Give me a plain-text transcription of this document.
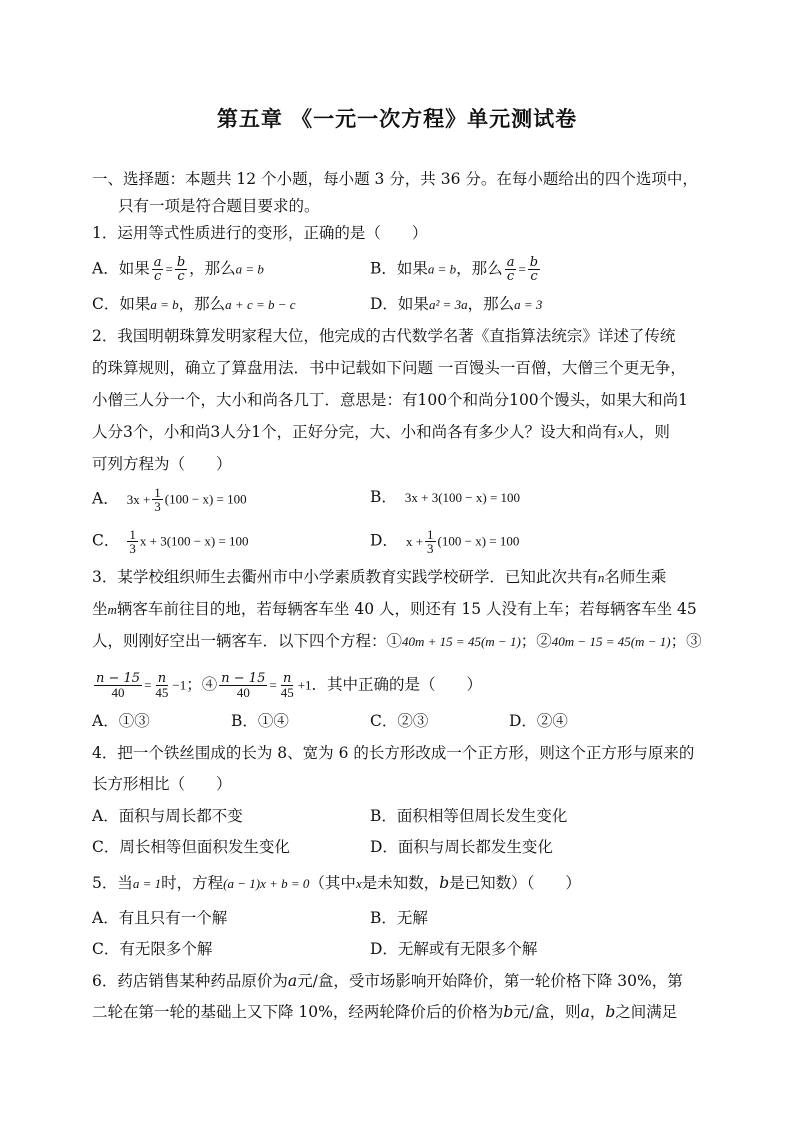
第五章 《一元一次方程》单元测试卷
一、选择题：本题共 12 个小题，每小题 3 分，共 36 分。在每小题给出的四个选项中，
只有一项是符合题目要求的。
1．运用等式性质进行的变形，正确的是（　　）
A．如果 $\frac{a}{c} = \frac{b}{c}$ ，那么a = b	B．如果a = b，那么 $\frac{a}{c} = \frac{b}{c}$
C．如果a = b，那么a + c = b − c	D．如果a² = 3a，那么a = 3
2．我国明朝珠算发明家程大位，他完成的古代数学名著《直指算法统宗》详述了传统
的珠算规则，确立了算盘用法．书中记载如下问题 一百馒头一百僧，大僧三个更无争，
小僧三人分一个，大小和尚各几丁．意思是：有100个和尚分100个馒头，如果大和尚1
人分3个，小和尚3人分1个，正好分完，大、小和尚各有多少人？设大和尚有x人，则
可列方程为（　　）
A． $3x + \frac{1}{3} (100 - x) = 100$	B． 3x + 3(100 − x) = 100
C． $\frac{1}{3}$ x + 3(100 − x) = 100	D． $x + \frac{1}{3} (100 - x) = 100$
3．某学校组织师生去衢州市中小学素质教育实践学校研学．已知此次共有n名师生乘
坐m辆客车前往目的地，若每辆客车坐 40 人，则还有 15 人没有上车；若每辆客车坐 45
人，则刚好空出一辆客车．以下四个方程：①40m + 15 = 45(m − 1)；②40m − 15 = 45(m − 1)；③
$\frac{n - 15}{40} = \frac{n}{45} -1$；④ $\frac{n - 15}{40} = \frac{n}{45} +1$．其中正确的是（　　）
A．①③	B．①④	C．②③	D．②④
4．把一个铁丝围成的长为 8、宽为 6 的长方形改成一个正方形，则这个正方形与原来的
长方形相比（　　）
A．面积与周长都不变	B．面积相等但周长发生变化
C．周长相等但面积发生变化	D．面积与周长都发生变化
5．当a = 1时，方程(a − 1)x + b = 0（其中x是未知数，b是已知数）（　　）
A．有且只有一个解	B．无解
C．有无限多个解	D．无解或有无限多个解
6．药店销售某种药品原价为a元/盒，受市场影响开始降价，第一轮价格下降 30%，第
二轮在第一轮的基础上又下降 10%，经两轮降价后的价格为b元/盒，则a，b之间满足
